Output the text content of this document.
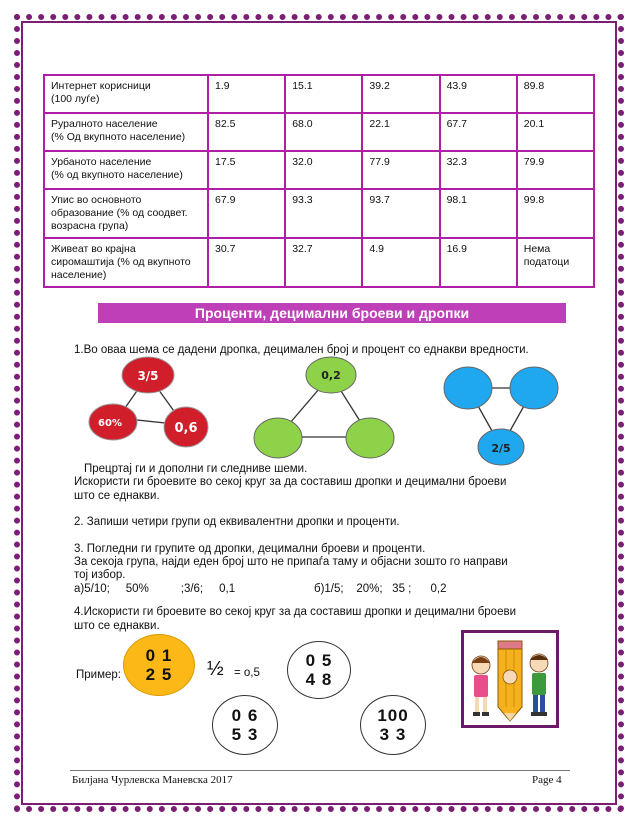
Интернет корисници
(100 луѓе)	1.9	15.1	39.2	43.9	89.8
Руралното население
(% Од вкупното население)	82.5	68.0	22.1	67.7	20.1
Урбаното население
(% од вкупното население)	17.5	32.0	77.9	32.3	79.9
Упис во основното
образование (% од соодвет.
возрасна група)	67.9	93.3	93.7	98.1	99.8
Живеат во крајна
сиромаштија (% од вкупното
население)	30.7	32.7	4.9	16.9	Нема
податоци
Проценти, децимални броеви и дропки
1.Во оваа шема се дадени дропка, децимален број и процент со еднакви вредности.
3/5
60%	0,6
0,2
2/5
Прецртај ги и дополни ги следниве шеми.
Искористи ги броевите во секој круг за да составиш дропки и децимални броеви
што се еднакви.
2. Запиши четири групи од еквивалентни дропки и проценти.
3. Погледни ги групите од дропки, децимални броеви и проценти.
За секоја група, најди еден број што не припаѓа таму и објасни зошто го направи
тој избор.
а)5/10;     50%          ;3/6;     0,1	б)1/5;    20%;   35 ;      0,2
4.Искористи ги броевите во секој круг за да составиш дропки и децимални броеви
што се еднакви.
Пример:
0 1
2 5 ½ = о,5
0 5
4 8
0 6
5 3
100
3 3
Билјана Чурлевска Маневска 2017	Page 4
